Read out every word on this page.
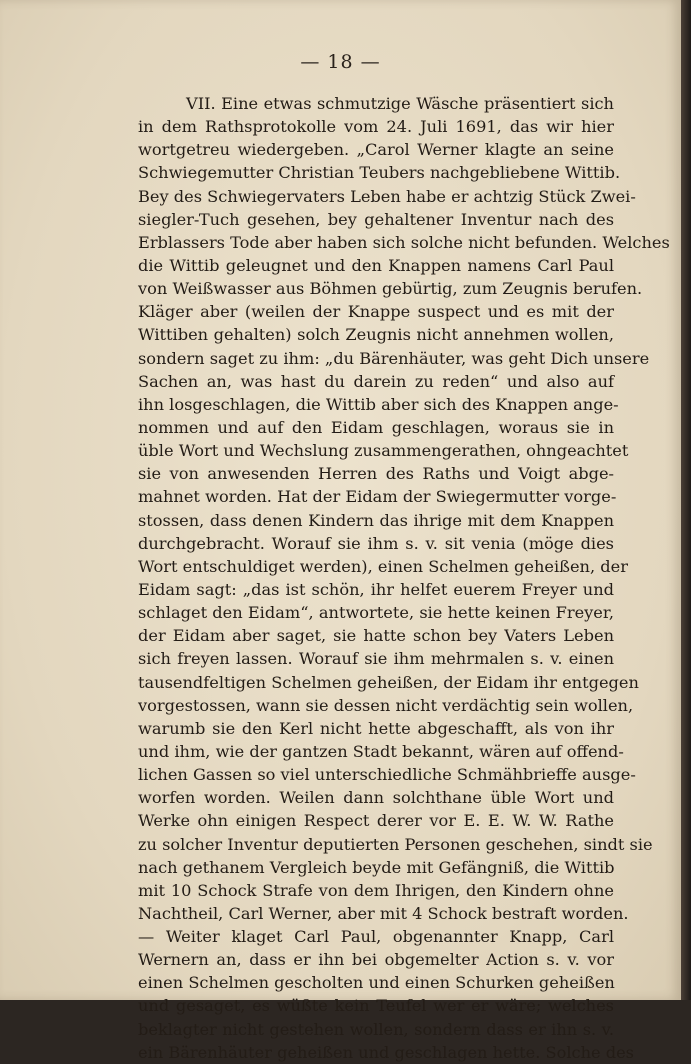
— 18 —
VII. Eine etwas schmutzige Wäsche präsentiert sich
in dem Rathsprotokolle vom 24. Juli 1691, das wir hier
wortgetreu wiedergeben. „Carol Werner klagte an seine
Schwiegemutter Christian Teubers nachgebliebene Wittib.
Bey des Schwiegervaters Leben habe er achtzig Stück Zwei-
siegler-Tuch gesehen, bey gehaltener Inventur nach des
Erblassers Tode aber haben sich solche nicht befunden. Welches
die Wittib geleugnet und den Knappen namens Carl Paul
von Weißwasser aus Böhmen gebürtig, zum Zeugnis berufen.
Kläger aber (weilen der Knappe suspect und es mit der
Wittiben gehalten) solch Zeugnis nicht annehmen wollen,
sondern saget zu ihm: „du Bärenhäuter, was geht Dich unsere
Sachen an, was hast du darein zu reden“ und also auf
ihn losgeschlagen, die Wittib aber sich des Knappen ange-
nommen und auf den Eidam geschlagen, woraus sie in
üble Wort und Wechslung zusammengerathen, ohngeachtet
sie von anwesenden Herren des Raths und Voigt abge-
mahnet worden. Hat der Eidam der Swiegermutter vorge-
stossen, dass denen Kindern das ihrige mit dem Knappen
durchgebracht. Worauf sie ihm s. v. sit venia (möge dies
Wort entschuldiget werden), einen Schelmen geheißen, der
Eidam sagt: „das ist schön, ihr helfet euerem Freyer und
schlaget den Eidam“, antwortete, sie hette keinen Freyer,
der Eidam aber saget, sie hatte schon bey Vaters Leben
sich freyen lassen. Worauf sie ihm mehrmalen s. v. einen
tausendfeltigen Schelmen geheißen, der Eidam ihr entgegen
vorgestossen, wann sie dessen nicht verdächtig sein wollen,
warumb sie den Kerl nicht hette abgeschafft, als von ihr
und ihm, wie der gantzen Stadt bekannt, wären auf offend-
lichen Gassen so viel unterschiedliche Schmähbrieffe ausge-
worfen worden. Weilen dann solchthane üble Wort und
Werke ohn einigen Respect derer vor E. E. W. W. Rathe
zu solcher Inventur deputierten Personen geschehen, sindt sie
nach gethanem Vergleich beyde mit Gefängniß, die Wittib
mit 10 Schock Strafe von dem Ihrigen, den Kindern ohne
Nachtheil, Carl Werner, aber mit 4 Schock bestraft worden.
— Weiter klaget Carl Paul, obgenannter Knapp, Carl
Wernern an, dass er ihn bei obgemelter Action s. v. vor
einen Schelmen gescholten und einen Schurken geheißen
und gesaget, es wüßte kein Teufel wer er wäre; welches
beklagter nicht gestehen wollen, sondern dass er ihn s. v.
ein Bärenhäuter geheißen und geschlagen hette. Solche des
